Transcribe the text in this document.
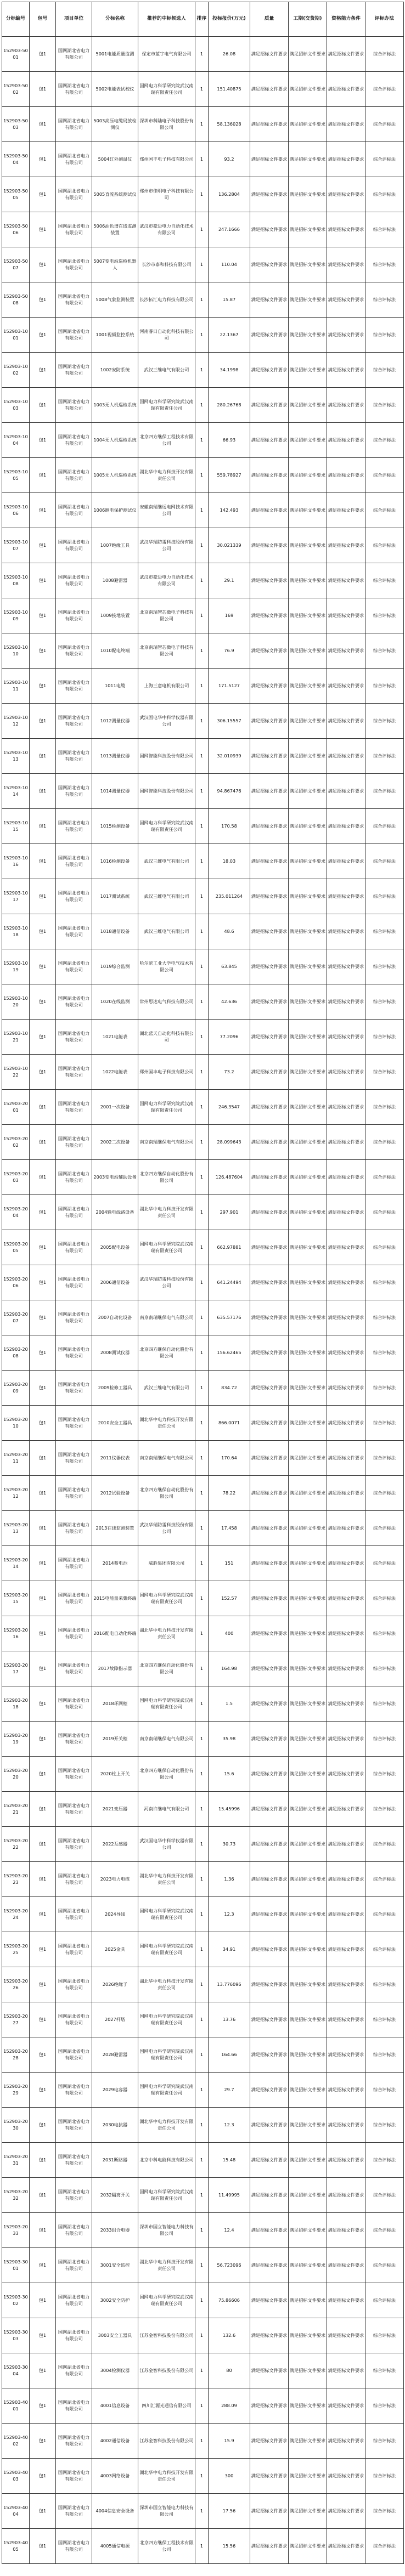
分标编号	包号	项目单位	分标名称	推荐的中标候选人	排序	投标报价(万元)	质量	工期(交货期)	资格能力条件	评标办法
152903-5001	包1	国网湖北省电力有限公司	5001电能质量监测	保定市蓝宇电气有限公司	1	26.08	满足招标文件要求	满足招标文件要求	满足招标文件要求	综合评标法
152903-5002	包1	国网湖北省电力有限公司	5002电能表试校仪	国网电力科学研究院武汉南瑞有限责任公司	1	151.40875	满足招标文件要求	满足招标文件要求	满足招标文件要求	综合评标法
152903-5003	包1	国网湖北省电力有限公司	5003高压电缆局放检测仪	深圳市科陆电子科技股份有限公司	1	58.136028	满足招标文件要求	满足招标文件要求	满足招标文件要求	综合评标法
152903-5004	包1	国网湖北省电力有限公司	5004红外测温仪	郑州国丰电子科技有限公司	1	93.2	满足招标文件要求	满足招标文件要求	满足招标文件要求	综合评标法
152903-5005	包1	国网湖北省电力有限公司	5005直流系统测试仪	郑州市佳明电子科技有限公司	1	136.2804	满足招标文件要求	满足招标文件要求	满足招标文件要求	综合评标法
152903-5006	包1	国网湖北省电力有限公司	5006油色谱在线监测装置	武汉市豪迈电力自动化技术有限公司	1	247.1666	满足招标文件要求	满足招标文件要求	满足招标文件要求	综合评标法
152903-5007	包1	国网湖北省电力有限公司	5007变电站巡检机器人	长沙市泰和科技有限公司	1	110.04	满足招标文件要求	满足招标文件要求	满足招标文件要求	综合评标法
152903-5008	包1	国网湖北省电力有限公司	5008气象监测装置	长沙拓汇电力科技有限公司	1	15.87	满足招标文件要求	满足招标文件要求	满足招标文件要求	综合评标法
152903-1001	包1	国网湖北省电力有限公司	1001视频监控系统	河南睿日自动化科技有限公司	1	22.1367	满足招标文件要求	满足招标文件要求	满足招标文件要求	综合评标法
152903-1002	包1	国网湖北省电力有限公司	1002安防系统	武汉三维电气有限公司	1	34.1998	满足招标文件要求	满足招标文件要求	满足招标文件要求	综合评标法
152903-1003	包1	国网湖北省电力有限公司	1003无人机巡检系统	国网电力科学研究院武汉南瑞有限责任公司	1	280.26768	满足招标文件要求	满足招标文件要求	满足招标文件要求	综合评标法
152903-1004	包1	国网湖北省电力有限公司	1004无人机巡检系统	北京四方继保工程技术有限公司	1	66.93	满足招标文件要求	满足招标文件要求	满足招标文件要求	综合评标法
152903-1005	包1	国网湖北省电力有限公司	1005无人机巡检系统	湖北华中电力科技开发有限责任公司	1	559.78927	满足招标文件要求	满足招标文件要求	满足招标文件要求	综合评标法
152903-1006	包1	国网湖北省电力有限公司	1006继电保护测试仪	安徽南瑞继远电网技术有限公司	1	142.493	满足招标文件要求	满足招标文件要求	满足招标文件要求	综合评标法
152903-1007	包1	国网湖北省电力有限公司	1007绝缘工具	武汉华瑞防雷科技股份有限公司	1	30.021339	满足招标文件要求	满足招标文件要求	满足招标文件要求	综合评标法
152903-1008	包1	国网湖北省电力有限公司	1008避雷器	武汉市豪迈电力自动化技术有限公司	1	29.1	满足招标文件要求	满足招标文件要求	满足招标文件要求	综合评标法
152903-1009	包1	国网湖北省电力有限公司	1009接地装置	北京南瑞智芯微电子科技有限公司	1	169	满足招标文件要求	满足招标文件要求	满足招标文件要求	综合评标法
152903-1010	包1	国网湖北省电力有限公司	1010配电终端	北京南瑞智芯微电子科技有限公司	1	76.9	满足招标文件要求	满足招标文件要求	满足招标文件要求	综合评标法
152903-1011	包1	国网湖北省电力有限公司	1011电缆	上海三意电机有限公司	1	171.5127	满足招标文件要求	满足招标文件要求	满足招标文件要求	综合评标法
152903-1012	包1	国网湖北省电力有限公司	1012测量仪器	武汉国电华中科学仪器有限公司	1	306.15557	满足招标文件要求	满足招标文件要求	满足招标文件要求	综合评标法
152903-1013	包1	国网湖北省电力有限公司	1013测量仪器	国网智能科技股份有限公司	1	32.010939	满足招标文件要求	满足招标文件要求	满足招标文件要求	综合评标法
152903-1014	包1	国网湖北省电力有限公司	1014测量仪器	国网智能科技股份有限公司	1	94.867476	满足招标文件要求	满足招标文件要求	满足招标文件要求	综合评标法
152903-1015	包1	国网湖北省电力有限公司	1015检测设备	国网电力科学研究院武汉南瑞有限责任公司	1	170.58	满足招标文件要求	满足招标文件要求	满足招标文件要求	综合评标法
152903-1016	包1	国网湖北省电力有限公司	1016检测设备	武汉三维电气有限公司	1	18.03	满足招标文件要求	满足招标文件要求	满足招标文件要求	综合评标法
152903-1017	包1	国网湖北省电力有限公司	1017测试系统	武汉三维电气有限公司	1	235.011264	满足招标文件要求	满足招标文件要求	满足招标文件要求	综合评标法
152903-1018	包1	国网湖北省电力有限公司	1018通信设备	武汉三维电气有限公司	1	48.6	满足招标文件要求	满足招标文件要求	满足招标文件要求	综合评标法
152903-1019	包1	国网湖北省电力有限公司	1019综合监测	哈尔滨工业大学电气技术有限公司	1	63.845	满足招标文件要求	满足招标文件要求	满足招标文件要求	综合评标法
152903-1020	包1	国网湖北省电力有限公司	1020在线监测	常州思达电气科技有限公司	1	42.636	满足招标文件要求	满足招标文件要求	满足招标文件要求	综合评标法
152903-1021	包1	国网湖北省电力有限公司	1021电能表	湖北蓝天自动化科技有限公司	1	77.2096	满足招标文件要求	满足招标文件要求	满足招标文件要求	综合评标法
152903-1022	包1	国网湖北省电力有限公司	1022电能表	郑州国丰电子科技有限公司	1	73.2	满足招标文件要求	满足招标文件要求	满足招标文件要求	综合评标法
152903-2001	包1	国网湖北省电力有限公司	2001一次设备	国网电力科学研究院武汉南瑞有限责任公司	1	246.3547	满足招标文件要求	满足招标文件要求	满足招标文件要求	综合评标法
152903-2002	包1	国网湖北省电力有限公司	2002二次设备	南京南瑞继保电气有限公司	1	28.099643	满足招标文件要求	满足招标文件要求	满足招标文件要求	综合评标法
152903-2003	包1	国网湖北省电力有限公司	2003变电站辅助设备	北京四方继保自动化股份有限公司	1	126.487604	满足招标文件要求	满足招标文件要求	满足招标文件要求	综合评标法
152903-2004	包1	国网湖北省电力有限公司	2004输电线路设备	湖北华中电力科技开发有限责任公司	1	297.901	满足招标文件要求	满足招标文件要求	满足招标文件要求	综合评标法
152903-2005	包1	国网湖北省电力有限公司	2005配电设备	国网电力科学研究院武汉南瑞有限责任公司	1	662.97881	满足招标文件要求	满足招标文件要求	满足招标文件要求	综合评标法
152903-2006	包1	国网湖北省电力有限公司	2006通信设备	武汉华瑞防雷科技股份有限公司	1	641.24494	满足招标文件要求	满足招标文件要求	满足招标文件要求	综合评标法
152903-2007	包1	国网湖北省电力有限公司	2007自动化设备	南京南瑞继保电气有限公司	1	635.57176	满足招标文件要求	满足招标文件要求	满足招标文件要求	综合评标法
152903-2008	包1	国网湖北省电力有限公司	2008测试仪器	北京四方继保自动化股份有限公司	1	156.62465	满足招标文件要求	满足招标文件要求	满足招标文件要求	综合评标法
152903-2009	包1	国网湖北省电力有限公司	2009检修工器具	武汉三维电气有限公司	1	834.72	满足招标文件要求	满足招标文件要求	满足招标文件要求	综合评标法
152903-2010	包1	国网湖北省电力有限公司	2010安全工器具	湖北华中电力科技开发有限责任公司	1	866.0071	满足招标文件要求	满足招标文件要求	满足招标文件要求	综合评标法
152903-2011	包1	国网湖北省电力有限公司	2011仪器仪表	南京南瑞继保电气有限公司	1	170.64	满足招标文件要求	满足招标文件要求	满足招标文件要求	综合评标法
152903-2012	包1	国网湖北省电力有限公司	2012试验设备	北京四方继保自动化股份有限公司	1	78.22	满足招标文件要求	满足招标文件要求	满足招标文件要求	综合评标法
152903-2013	包1	国网湖北省电力有限公司	2013在线监测装置	武汉华瑞防雷科技股份有限公司	1	17.458	满足招标文件要求	满足招标文件要求	满足招标文件要求	综合评标法
152903-2014	包1	国网湖北省电力有限公司	2014蓄电池	威胜集团有限公司	1	151	满足招标文件要求	满足招标文件要求	满足招标文件要求	综合评标法
152903-2015	包1	国网湖北省电力有限公司	2015电能量采集终端	国网电力科学研究院武汉南瑞有限责任公司	1	152.57	满足招标文件要求	满足招标文件要求	满足招标文件要求	综合评标法
152903-2016	包1	国网湖北省电力有限公司	2016配电自动化终端	湖北华中电力科技开发有限责任公司	1	400	满足招标文件要求	满足招标文件要求	满足招标文件要求	综合评标法
152903-2017	包1	国网湖北省电力有限公司	2017故障指示器	北京四方继保自动化股份有限公司	1	164.98	满足招标文件要求	满足招标文件要求	满足招标文件要求	综合评标法
152903-2018	包1	国网湖北省电力有限公司	2018环网柜	国网电力科学研究院武汉南瑞有限责任公司	1	1.5	满足招标文件要求	满足招标文件要求	满足招标文件要求	综合评标法
152903-2019	包1	国网湖北省电力有限公司	2019开关柜	南京南瑞继保电气有限公司	1	35.98	满足招标文件要求	满足招标文件要求	满足招标文件要求	综合评标法
152903-2020	包1	国网湖北省电力有限公司	2020柱上开关	北京四方继保自动化股份有限公司	1	15.6	满足招标文件要求	满足招标文件要求	满足招标文件要求	综合评标法
152903-2021	包1	国网湖北省电力有限公司	2021变压器	河南许继电气有限公司	1	15.45996	满足招标文件要求	满足招标文件要求	满足招标文件要求	综合评标法
152903-2022	包1	国网湖北省电力有限公司	2022互感器	武汉国电华中科学仪器有限公司	1	30.73	满足招标文件要求	满足招标文件要求	满足招标文件要求	综合评标法
152903-2023	包1	国网湖北省电力有限公司	2023电力电缆	湖北华中电力科技开发有限责任公司	1	1.36	满足招标文件要求	满足招标文件要求	满足招标文件要求	综合评标法
152903-2024	包1	国网湖北省电力有限公司	2024导线	国网电力科学研究院武汉南瑞有限责任公司	1	12.3	满足招标文件要求	满足招标文件要求	满足招标文件要求	综合评标法
152903-2025	包1	国网湖北省电力有限公司	2025金具	国网电力科学研究院武汉南瑞有限责任公司	1	34.91	满足招标文件要求	满足招标文件要求	满足招标文件要求	综合评标法
152903-2026	包1	国网湖北省电力有限公司	2026绝缘子	湖北华中电力科技开发有限责任公司	1	13.776096	满足招标文件要求	满足招标文件要求	满足招标文件要求	综合评标法
152903-2027	包1	国网湖北省电力有限公司	2027杆塔	国网电力科学研究院武汉南瑞有限责任公司	1	13.76	满足招标文件要求	满足招标文件要求	满足招标文件要求	综合评标法
152903-2028	包1	国网湖北省电力有限公司	2028避雷器	国网电力科学研究院武汉南瑞有限责任公司	1	164.66	满足招标文件要求	满足招标文件要求	满足招标文件要求	综合评标法
152903-2029	包1	国网湖北省电力有限公司	2029电容器	国网电力科学研究院武汉南瑞有限责任公司	1	29.7	满足招标文件要求	满足招标文件要求	满足招标文件要求	综合评标法
152903-2030	包1	国网湖北省电力有限公司	2030电抗器	湖北华中电力科技开发有限责任公司	1	12.3	满足招标文件要求	满足招标文件要求	满足招标文件要求	综合评标法
152903-2031	包1	国网湖北省电力有限公司	2031断路器	北京中科电能科技有限公司	1	15.48	满足招标文件要求	满足招标文件要求	满足招标文件要求	综合评标法
152903-2032	包1	国网湖北省电力有限公司	2032隔离开关	国网电力科学研究院武汉南瑞有限责任公司	1	11.49995	满足招标文件要求	满足招标文件要求	满足招标文件要求	综合评标法
152903-2033	包1	国网湖北省电力有限公司	2033组合电器	深圳市国立智能电力科技有限公司	1	12.4	满足招标文件要求	满足招标文件要求	满足招标文件要求	综合评标法
152903-3001	包1	国网湖北省电力有限公司	3001安全监控	湖北华中电力科技开发有限责任公司	1	56.723096	满足招标文件要求	满足招标文件要求	满足招标文件要求	综合评标法
152903-3002	包1	国网湖北省电力有限公司	3002安全防护	国网电力科学研究院武汉南瑞有限责任公司	1	75.86606	满足招标文件要求	满足招标文件要求	满足招标文件要求	综合评标法
152903-3003	包1	国网湖北省电力有限公司	3003安全工器具	江苏金智科技股份有限公司	1	132.6	满足招标文件要求	满足招标文件要求	满足招标文件要求	综合评标法
152903-3004	包1	国网湖北省电力有限公司	3004检测仪器	江苏金智科技股份有限公司	1	80	满足招标文件要求	满足招标文件要求	满足招标文件要求	综合评标法
152903-4001	包1	国网湖北省电力有限公司	4001信息设备	四川汇源光通信有限公司	1	288.09	满足招标文件要求	满足招标文件要求	满足招标文件要求	综合评标法
152903-4002	包1	国网湖北省电力有限公司	4002通信设备	江苏金智科技股份有限公司	1	15.9	满足招标文件要求	满足招标文件要求	满足招标文件要求	综合评标法
152903-4003	包1	国网湖北省电力有限公司	4003网络设备	湖北华中电力科技开发有限责任公司	1	300	满足招标文件要求	满足招标文件要求	满足招标文件要求	综合评标法
152903-4004	包1	国网湖北省电力有限公司	4004信息安全设备	深圳市国立智能电力科技有限公司	1	17.56	满足招标文件要求	满足招标文件要求	满足招标文件要求	综合评标法
152903-4005	包1	国网湖北省电力有限公司	4005通信电源	北京四方继保工程技术有限公司	1	15.56	满足招标文件要求	满足招标文件要求	满足招标文件要求	综合评标法
